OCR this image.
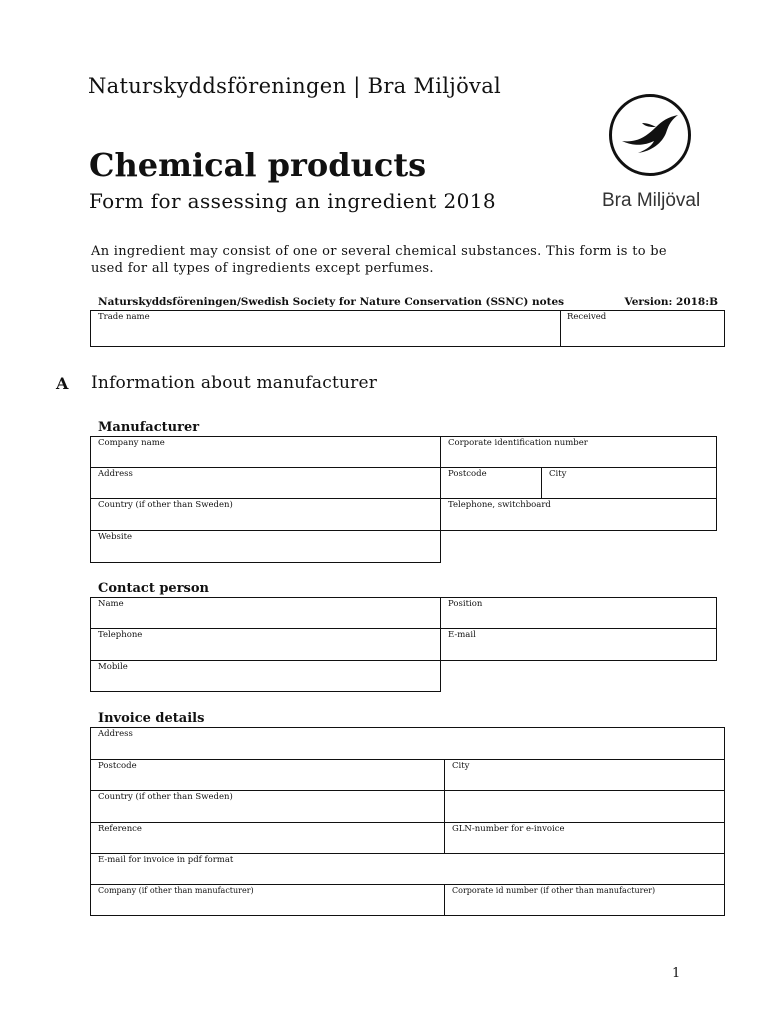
Naturskyddsföreningen | Bra Miljöval
Chemical products
Form for assessing an ingredient 2018
An ingredient may consist of one or several chemical substances. This form is to be used for all types of ingredients except perfumes.
Bra Miljöval
Naturskyddsföreningen/Swedish Society for Nature Conservation (SSNC) notes	Version: 2018:B
Trade name	Received
A Information about manufacturer
Manufacturer
Company name	Corporate identification number
Address	Postcode	City
Country (if other than Sweden)	Telephone, switchboard
Website
Contact person
Name	Position
Telephone	E-mail
Mobile
Invoice details
Address
Postcode	City
Country (if other than Sweden)
Reference	GLN-number for e-invoice
E-mail for invoice in pdf format
Company (if other than manufacturer)	Corporate id number (if other than manufacturer)
1
